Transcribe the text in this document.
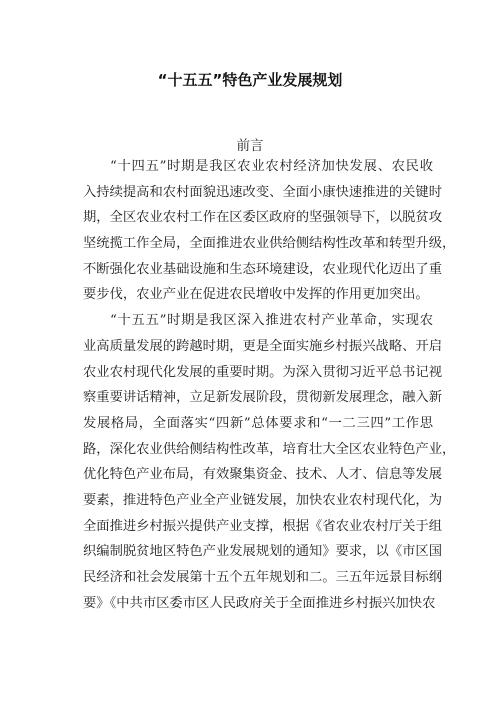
“十五五”特色产业发展规划
前言
“十四五”时期是我区农业农村经济加快发展、农民收
入持续提高和农村面貌迅速改变、全面小康快速推进的关键时
期，全区农业农村工作在区委区政府的坚强领导下，以脱贫攻
坚统揽工作全局，全面推进农业供给侧结构性改革和转型升级，
不断强化农业基础设施和生态环境建设，农业现代化迈出了重
要步伐，农业产业在促进农民增收中发挥的作用更加突出。
“十五五”时期是我区深入推进农村产业革命，实现农
业高质量发展的跨越时期，更是全面实施乡村振兴战略、开启
农业农村现代化发展的重要时期。为深入贯彻习近平总书记视
察重要讲话精神，立足新发展阶段，贯彻新发展理念，融入新
发展格局，全面落实“四新”总体要求和“一二三四”工作思
路，深化农业供给侧结构性改革，培育壮大全区农业特色产业，
优化特色产业布局，有效聚集资金、技术、人才、信息等发展
要素，推进特色产业全产业链发展，加快农业农村现代化，为
全面推进乡村振兴提供产业支撑，根据《省农业农村厅关于组
织编制脱贫地区特色产业发展规划的通知》要求，以《市区国
民经济和社会发展第十五个五年规划和二。三五年远景目标纲
要》《中共市区委市区人民政府关于全面推进乡村振兴加快农
